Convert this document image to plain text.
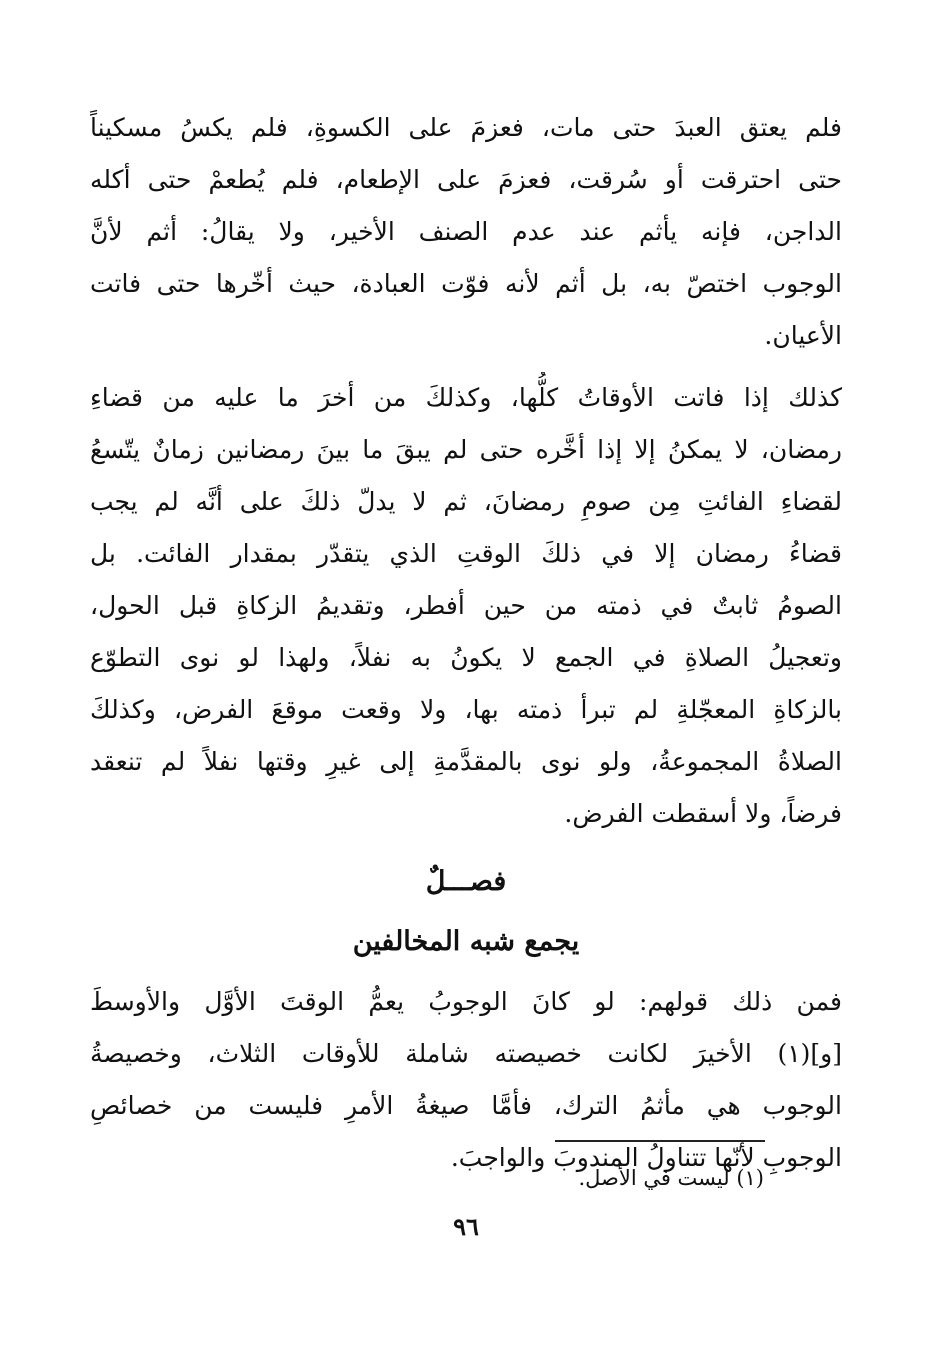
فلم يعتق العبدَ حتى مات، فعزمَ على الكسوةِ، فلم يكسُ مسكيناً
حتى احترقت أو سُرقت، فعزمَ على الإطعام، فلم يُطعمْ حتى أكله
الداجن، فإنه يأثم عند عدم الصنف الأخير، ولا يقالُ: أثم لأنَّ
الوجوب اختصّ به، بل أثم لأنه فوّت العبادة، حيث أخّرها حتى فاتت
الأعيان.
كذلك إذا فاتت الأوقاتُ كلُّها، وكذلكَ من أخرَ ما عليه من قضاءِ
رمضان، لا يمكنُ إلا إذا أخَّره حتى لم يبقَ ما بينَ رمضانين زمانٌ يتّسعُ
لقضاءِ الفائتِ مِن صومِ رمضانَ، ثم لا يدلّ ذلكَ على أنَّه لم يجب
قضاءُ رمضان إلا في ذلكَ الوقتِ الذي يتقدّر بمقدار الفائت. بل
الصومُ ثابتٌ في ذمته من حين أفطر، وتقديمُ الزكاةِ قبل الحول،
وتعجيلُ الصلاةِ في الجمع لا يكونُ به نفلاً، ولهذا لو نوى التطوّع
بالزكاةِ المعجّلةِ لم تبرأ ذمته بها، ولا وقعت موقعَ الفرض، وكذلكَ
الصلاةُ المجموعةُ، ولو نوى بالمقدَّمةِ إلى غيرِ وقتها نفلاً لم تنعقد
فرضاً، ولا أسقطت الفرض.
فصـــلٌ
يجمع شبه المخالفين
فمن ذلك قولهم: لو كانَ الوجوبُ يعمُّ الوقتَ الأوَّل والأوسطَ
[و](١) الأخيرَ لكانت خصيصته شاملة للأوقات الثلاث، وخصيصةُ
الوجوب هي مأثمُ الترك، فأمَّا صيغةُ الأمرِ فليست من خصائصِ
الوجوبِ لأنّها تتناولُ المندوبَ والواجبَ.
(١) ليست في الأصل.
٩٦
